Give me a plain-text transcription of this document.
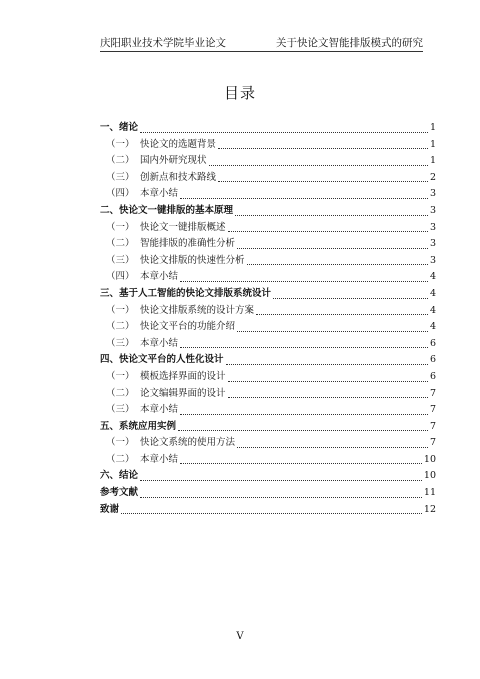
庆阳职业技术学院毕业论文	关于快论文智能排版模式的研究
目录
一、绪论	1
（一） 快论文的选题背景	1
（二） 国内外研究现状	1
（三） 创新点和技术路线	2
（四） 本章小结	3
二、快论文一键排版的基本原理	3
（一） 快论文一键排版概述	3
（二） 智能排版的准确性分析	3
（三） 快论文排版的快速性分析	3
（四） 本章小结	4
三、基于人工智能的快论文排版系统设计	4
（一） 快论文排版系统的设计方案	4
（二） 快论文平台的功能介绍	4
（三） 本章小结	6
四、快论文平台的人性化设计	6
（一） 模板选择界面的设计	6
（二） 论文编辑界面的设计	7
（三） 本章小结	7
五、系统应用实例	7
（一） 快论文系统的使用方法	7
（二） 本章小结	10
六、结论	10
参考文献	11
致谢	12
V
